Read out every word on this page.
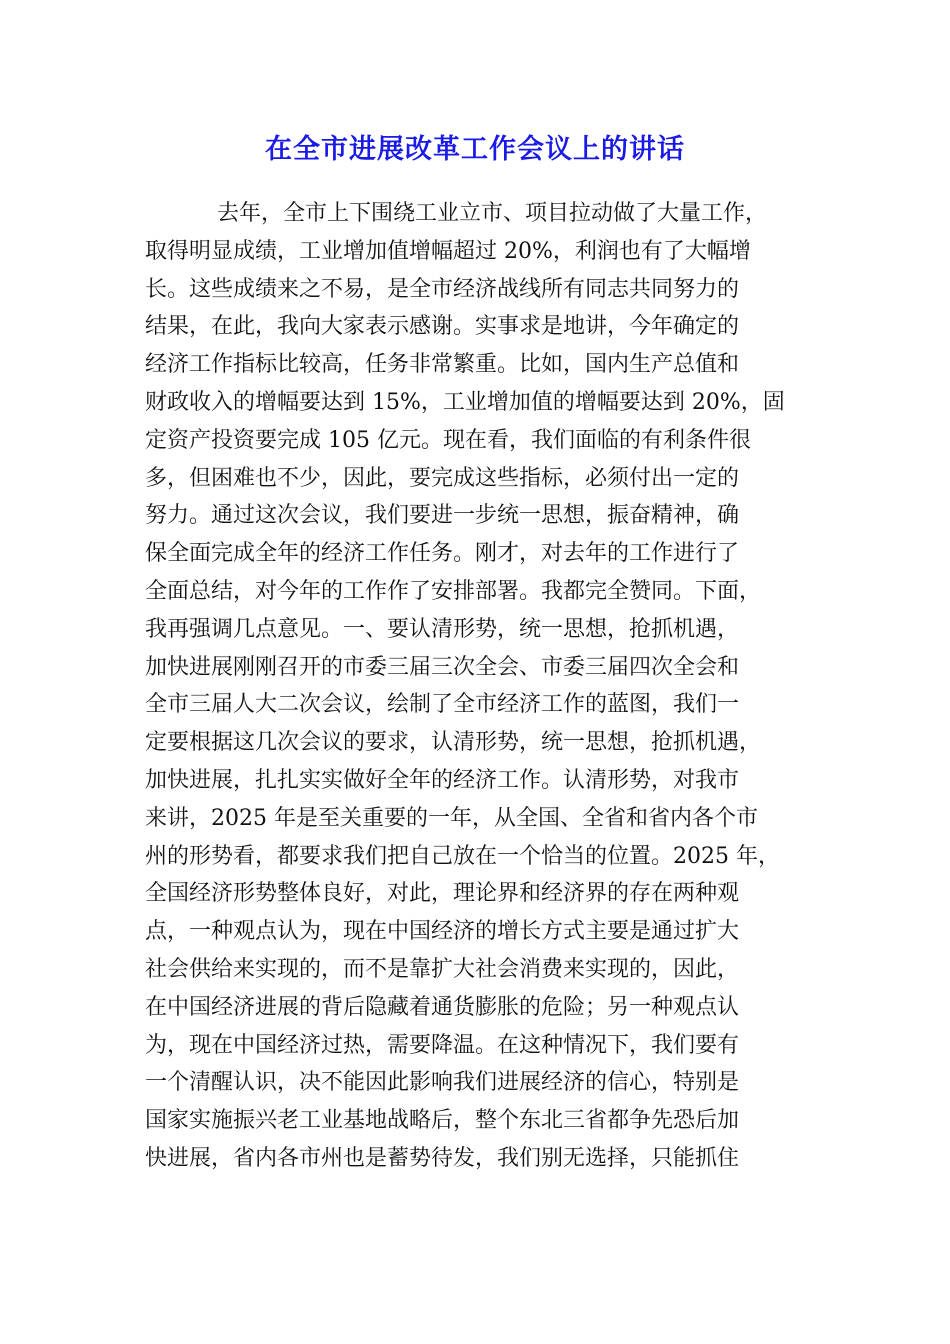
在全市进展改革工作会议上的讲话
去年，全市上下围绕工业立市、项目拉动做了大量工作，
取得明显成绩，工业增加值增幅超过 20%，利润也有了大幅增
长。这些成绩来之不易，是全市经济战线所有同志共同努力的
结果，在此，我向大家表示感谢。实事求是地讲，今年确定的
经济工作指标比较高，任务非常繁重。比如，国内生产总值和
财政收入的增幅要达到 15%，工业增加值的增幅要达到 20%，固
定资产投资要完成 105 亿元。现在看，我们面临的有利条件很
多，但困难也不少，因此，要完成这些指标，必须付出一定的
努力。通过这次会议，我们要进一步统一思想，振奋精神，确
保全面完成全年的经济工作任务。刚才，对去年的工作进行了
全面总结，对今年的工作作了安排部署。我都完全赞同。下面，
我再强调几点意见。一、要认清形势，统一思想，抢抓机遇，
加快进展刚刚召开的市委三届三次全会、市委三届四次全会和
全市三届人大二次会议，绘制了全市经济工作的蓝图，我们一
定要根据这几次会议的要求，认清形势，统一思想，抢抓机遇，
加快进展，扎扎实实做好全年的经济工作。认清形势，对我市
来讲，2025 年是至关重要的一年，从全国、全省和省内各个市
州的形势看，都要求我们把自己放在一个恰当的位置。2025 年，
全国经济形势整体良好，对此，理论界和经济界的存在两种观
点，一种观点认为，现在中国经济的增长方式主要是通过扩大
社会供给来实现的，而不是靠扩大社会消费来实现的，因此，
在中国经济进展的背后隐藏着通货膨胀的危险；另一种观点认
为，现在中国经济过热，需要降温。在这种情况下，我们要有
一个清醒认识，决不能因此影响我们进展经济的信心，特别是
国家实施振兴老工业基地战略后，整个东北三省都争先恐后加
快进展，省内各市州也是蓄势待发，我们别无选择，只能抓住
